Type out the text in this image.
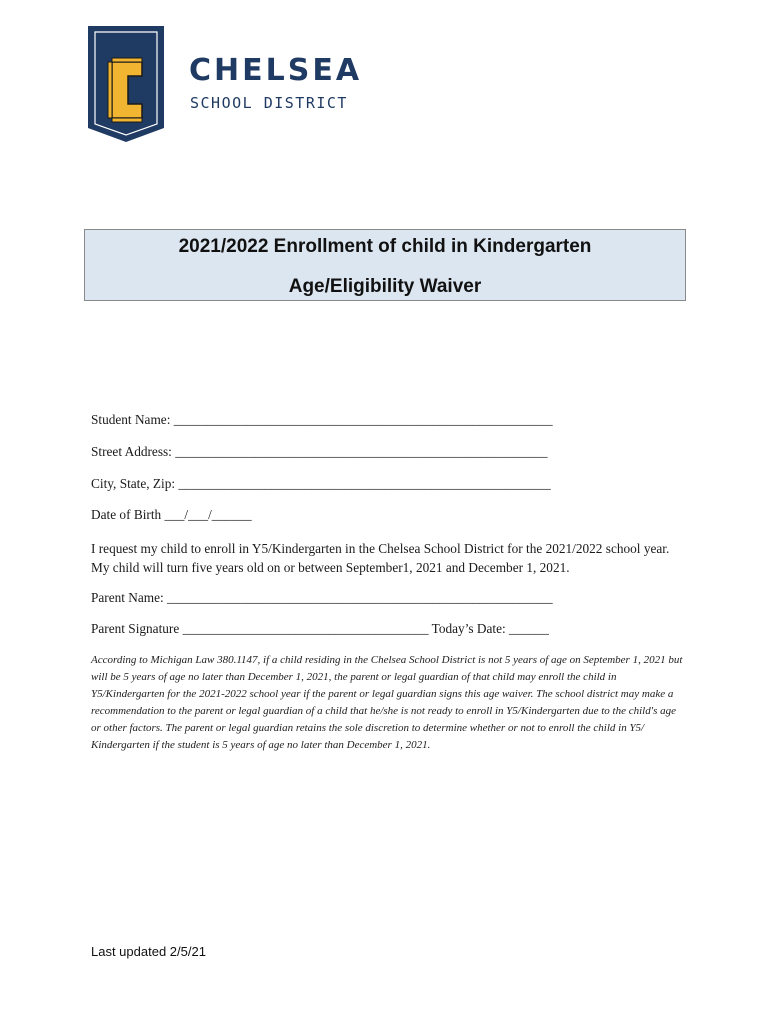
CHELSEA
SCHOOL DISTRICT
2021/2022 Enrollment of child in Kindergarten
Age/Eligibility Waiver
Student Name: _________________________________________________________
Street Address: ________________________________________________________
City, State, Zip: ________________________________________________________
Date of Birth ___/___/______
I request my child to enroll in Y5/Kindergarten in the Chelsea School District for the 2021/2022 school year. My child will turn five years old on or between September1, 2021 and December 1, 2021.
Parent Name: __________________________________________________________
Parent Signature _____________________________________ Today’s Date: ______
According to Michigan Law 380.1147, if a child residing in the Chelsea School District is not 5 years of age on September 1, 2021 but will be 5 years of age no later than December 1, 2021, the parent or legal guardian of that child may enroll the child in Y5/Kindergarten for the 2021-2022 school year if the parent or legal guardian signs this age waiver. The school district may make a recommendation to the parent or legal guardian of a child that he/she is not ready to enroll in Y5/Kindergarten due to the child's age or other factors. The parent or legal guardian retains the sole discretion to determine whether or not to enroll the child in Y5/ Kindergarten if the student is 5 years of age no later than December 1, 2021.
Last updated 2/5/21
